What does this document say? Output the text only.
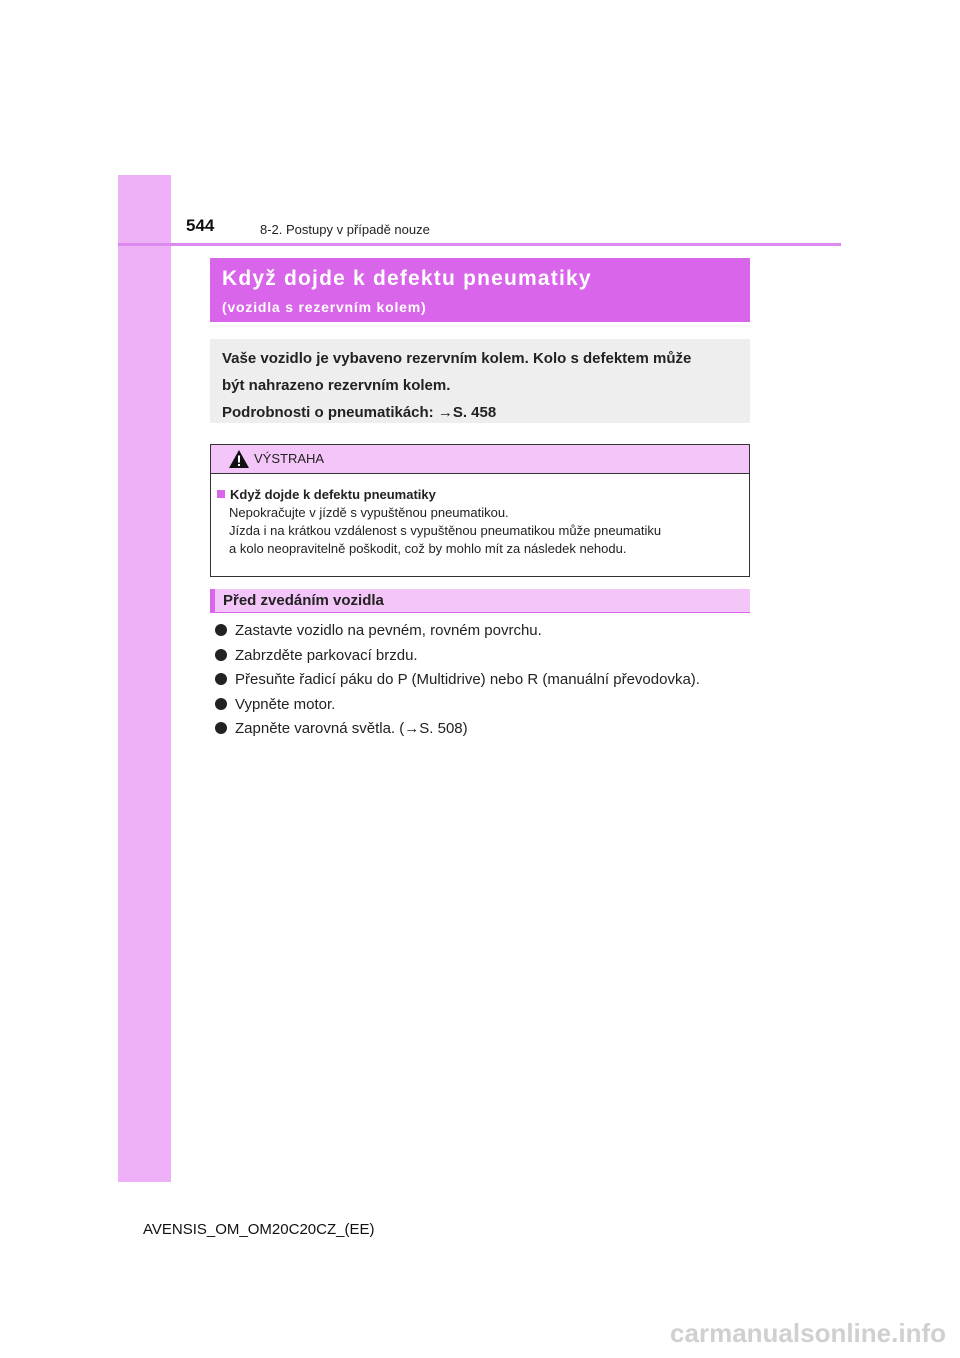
544	8-2. Postupy v případě nouze
Když dojde k defektu pneumatiky
(vozidla s rezervním kolem)
Vaše vozidlo je vybaveno rezervním kolem. Kolo s defektem může
být nahrazeno rezervním kolem.
Podrobnosti o pneumatikách: →S. 458
VÝSTRAHA
Když dojde k defektu pneumatiky
Nepokračujte v jízdě s vypuštěnou pneumatikou.
Jízda i na krátkou vzdálenost s vypuštěnou pneumatikou může pneumatiku
a kolo neopravitelně poškodit, což by mohlo mít za následek nehodu.
Před zvedáním vozidla
Zastavte vozidlo na pevném, rovném povrchu.
Zabrzděte parkovací brzdu.
Přesuňte řadicí páku do P (Multidrive) nebo R (manuální převodovka).
Vypněte motor.
Zapněte varovná světla. (→S. 508)
AVENSIS_OM_OM20C20CZ_(EE)
carmanualsonline.info
